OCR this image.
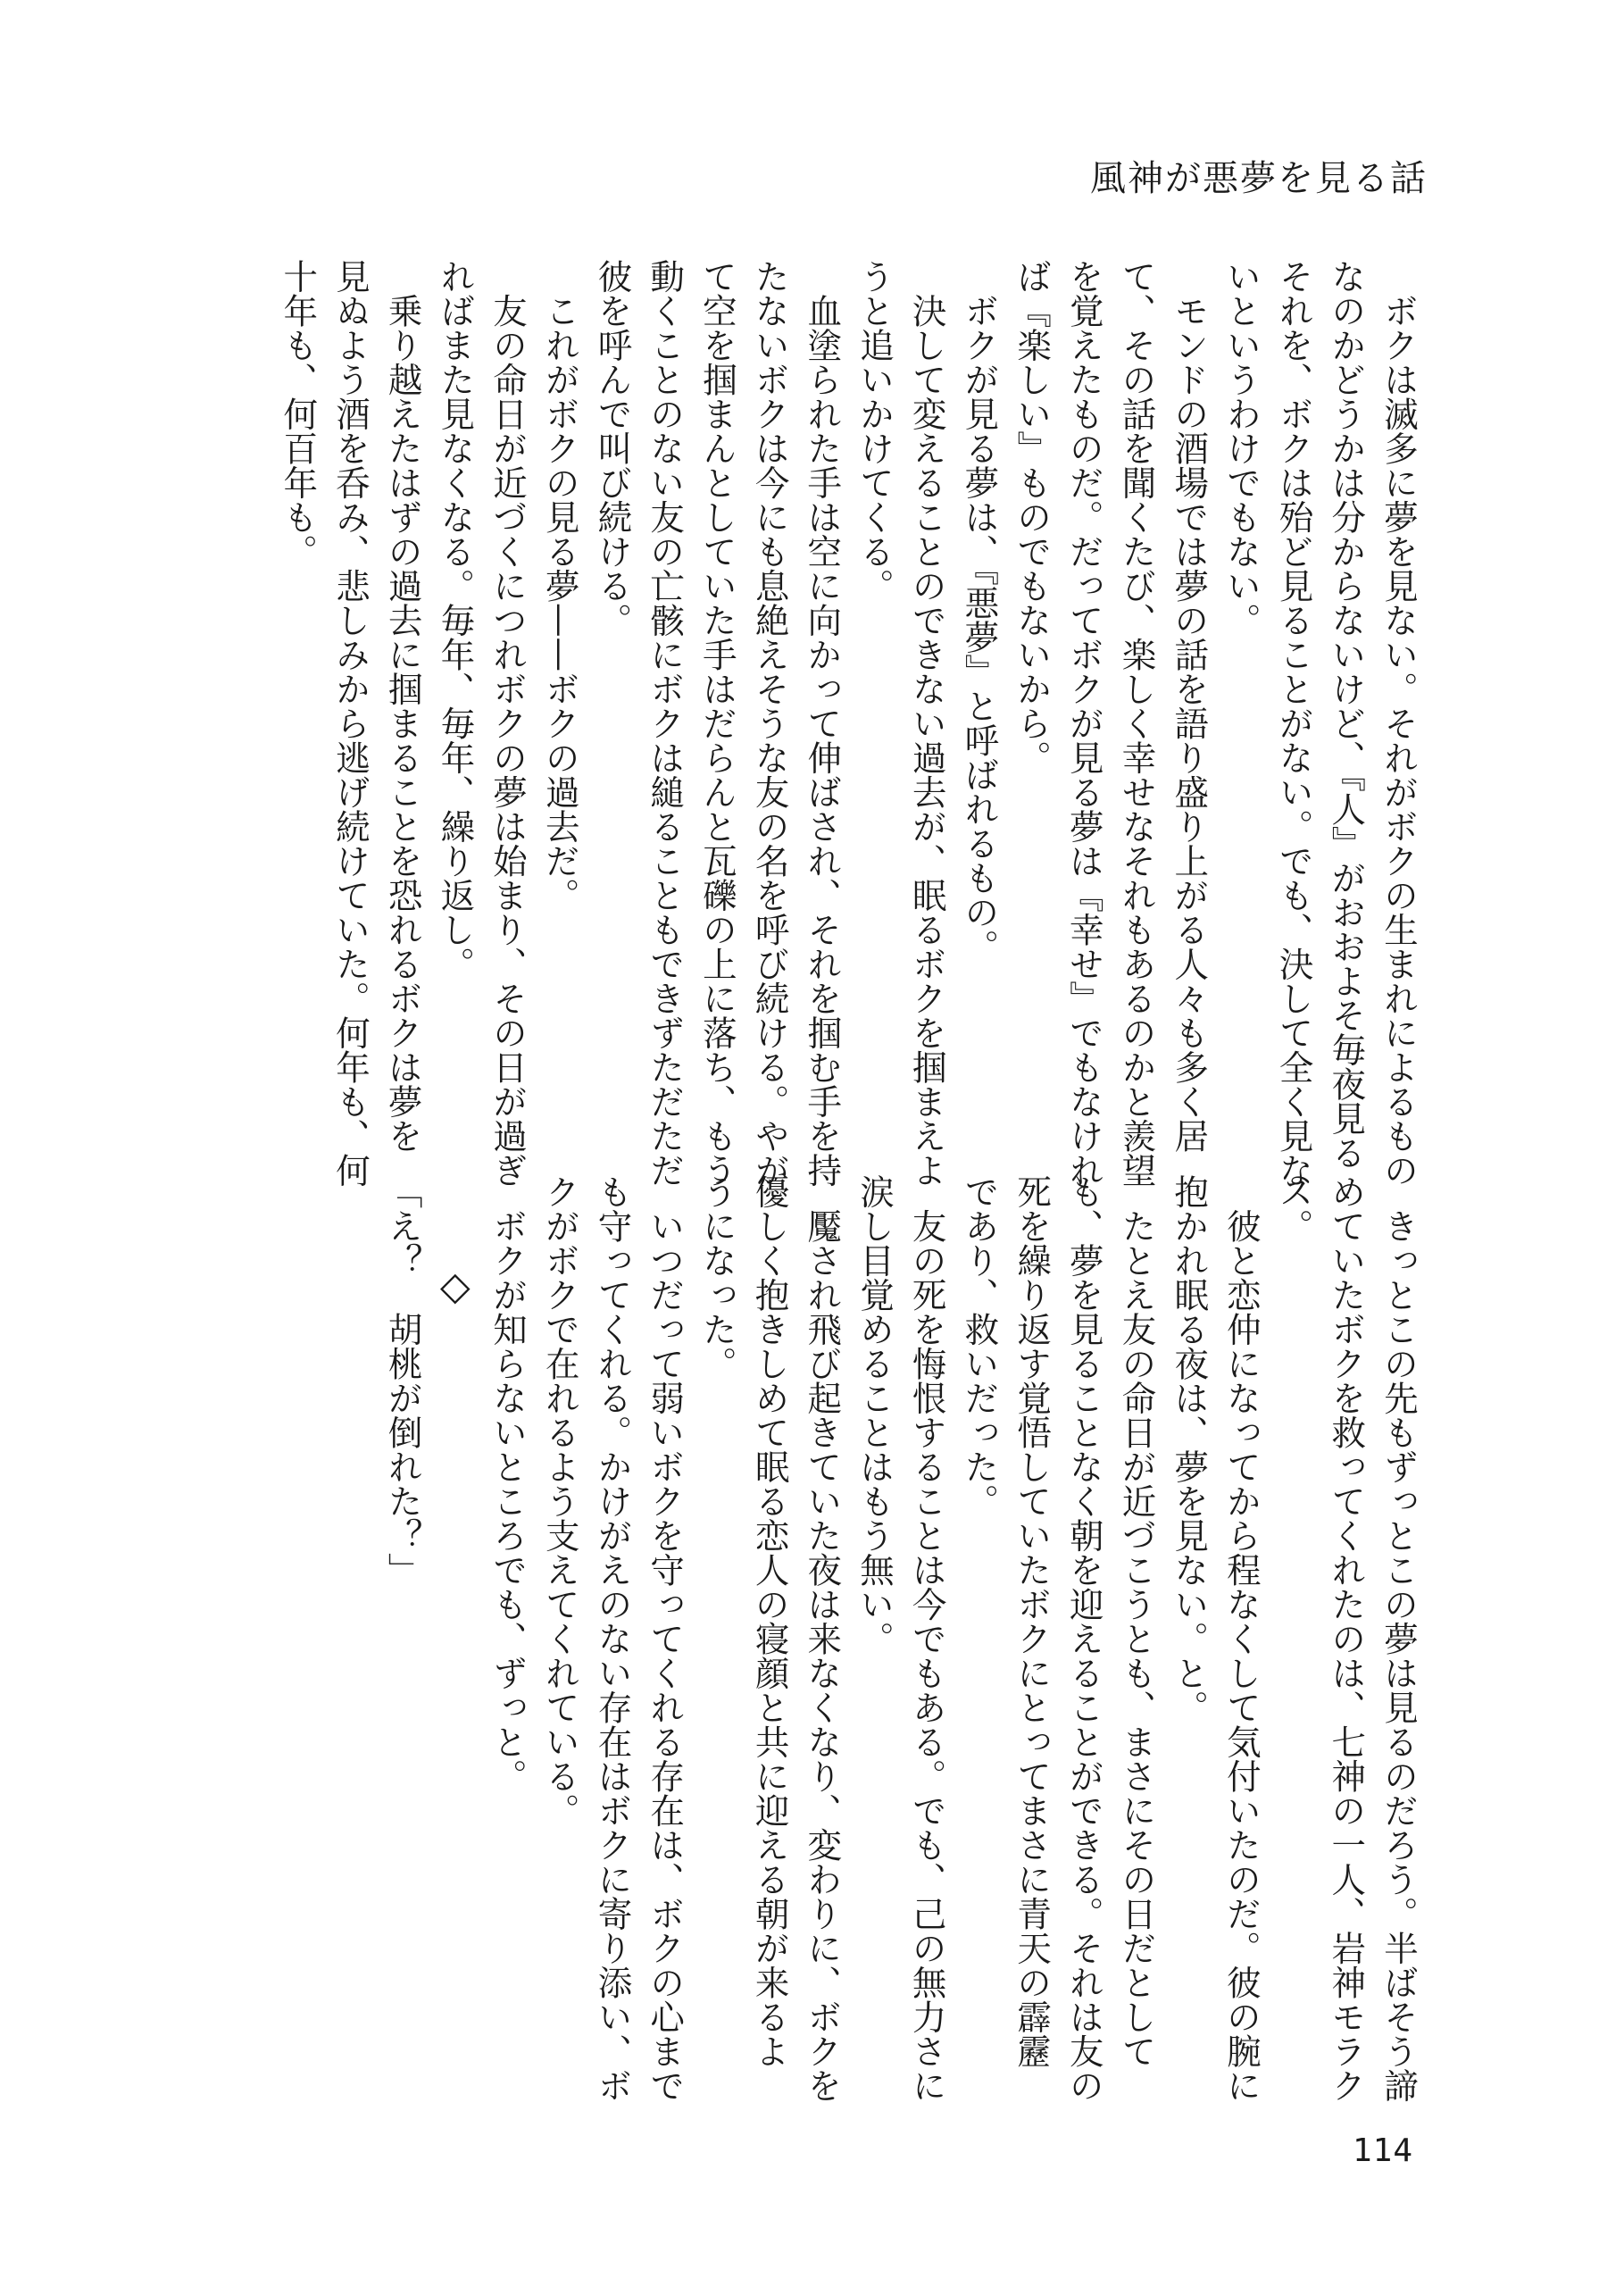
風神が悪夢を見る話
　ボクは滅多に夢を見ない。それがボクの生まれによるもの
なのかどうかは分からないけど、『人』がおおよそ毎夜見る
それを、ボクは殆ど見ることがない。でも、決して全く見な
いというわけでもない。
　モンドの酒場では夢の話を語り盛り上がる人々も多く居
て、その話を聞くたび、楽しく幸せなそれもあるのかと羨望
を覚えたものだ。だってボクが見る夢は『幸せ』でもなけれ
ば『楽しい』ものでもないから。
　ボクが見る夢は、『悪夢』と呼ばれるもの。
　決して変えることのできない過去が、眠るボクを掴まえよ
うと追いかけてくる。
　血塗られた手は空に向かって伸ばされ、それを掴む手を持
たないボクは今にも息絶えそうな友の名を呼び続ける。やが
て空を掴まんとしていた手はだらんと瓦礫の上に落ち、もう
動くことのない友の亡骸にボクは縋ることもできずただただ
彼を呼んで叫び続ける。
　これがボクの見る夢——ボクの過去だ。
　友の命日が近づくにつれボクの夢は始まり、その日が過ぎ
ればまた見なくなる。毎年、毎年、繰り返し。
　乗り越えたはずの過去に掴まることを恐れるボクは夢を
見ぬよう酒を呑み、悲しみから逃げ続けていた。何年も、何
十年も、何百年も。
　きっとこの先もずっとこの夢は見るのだろう。半ばそう諦
めていたボクを救ってくれたのは、七神の一人、岩神モラク
ス。
　彼と恋仲になってから程なくして気付いたのだ。彼の腕に
抱かれ眠る夜は、夢を見ない。と。
　たとえ友の命日が近づこうとも、まさにその日だとして
も、夢を見ることなく朝を迎えることができる。それは友の
死を繰り返す覚悟していたボクにとってまさに青天の霹靂
であり、救いだった。
　友の死を悔恨することは今でもある。でも、己の無力さに
涙し目覚めることはもう無い。
　魘され飛び起きていた夜は来なくなり、変わりに、ボクを
優しく抱きしめて眠る恋人の寝顔と共に迎える朝が来るよ
うになった。
　いつだって弱いボクを守ってくれる存在は、ボクの心まで
も守ってくれる。かけがえのない存在はボクに寄り添い、ボ
クがボクで在れるよう支えてくれている。
　ボクが知らないところでも、ずっと。
◇
「え？　胡桃が倒れた？」
114
